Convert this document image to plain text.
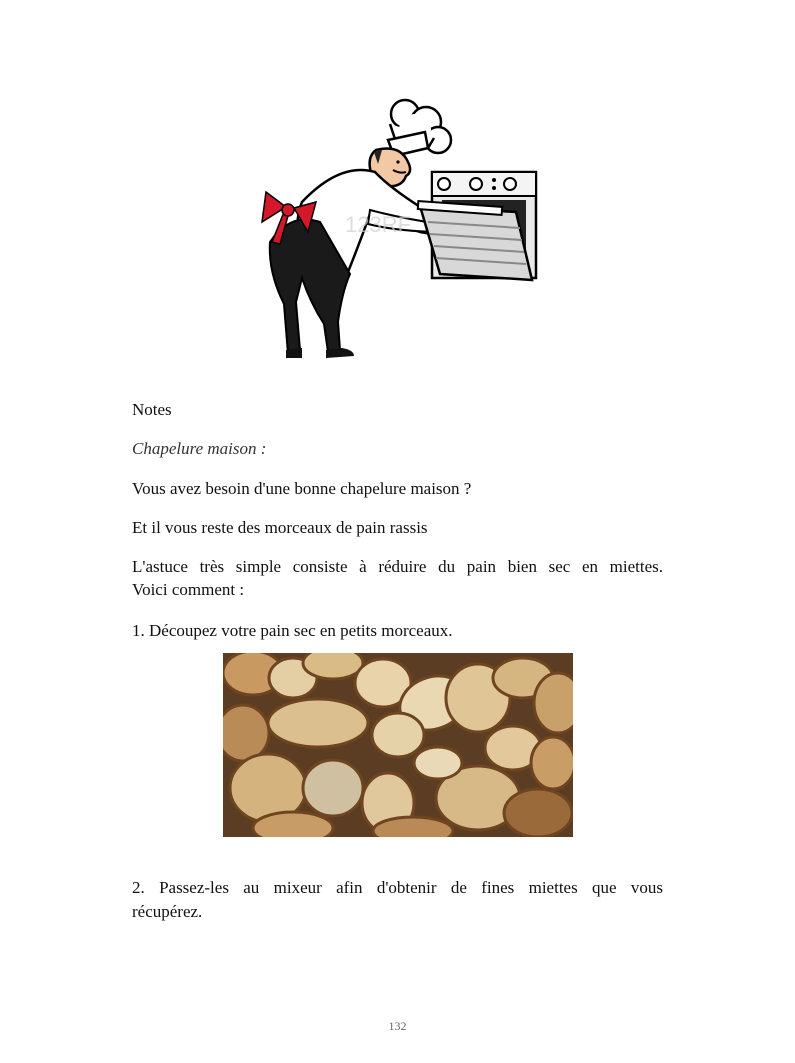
123RF

Notes

Chapelure maison :

Vous avez besoin d'une bonne chapelure maison ?

Et il vous reste des morceaux de pain rassis

L'astuce très simple consiste à réduire du pain bien sec en miettes.

Voici comment :

1. Découpez votre pain sec en petits morceaux.

2. Passez-les au mixeur afin d'obtenir de fines miettes que vous

récupérez.

132
